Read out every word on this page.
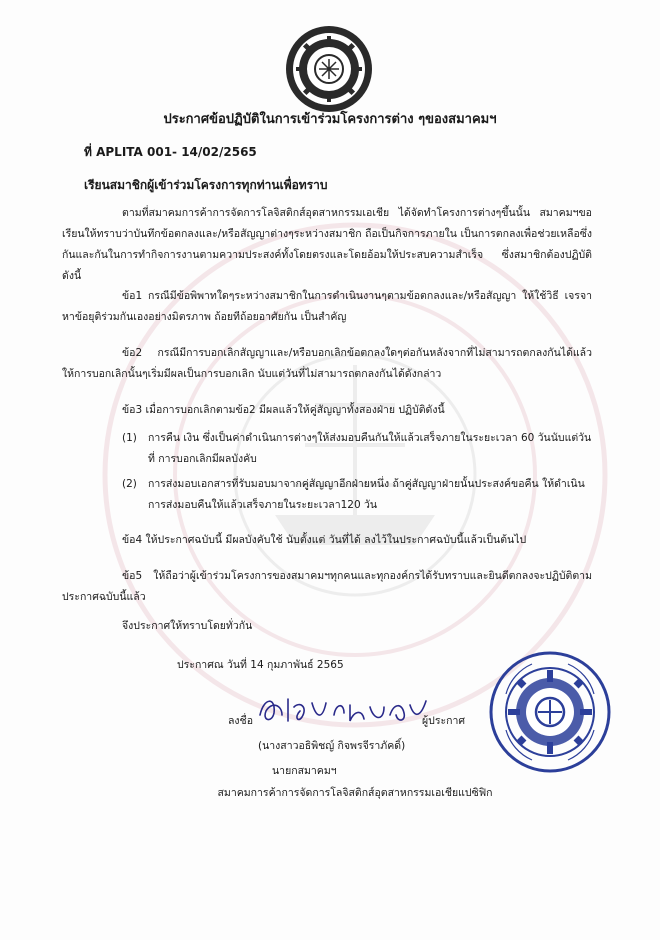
ประกาศข้อปฏิบัติในการเข้าร่วมโครงการต่าง ๆของสมาคมฯ
ที่ APLITA 001- 14/02/2565
เรียนสมาชิกผู้เข้าร่วมโครงการทุกท่านเพื่อทราบ
ตามที่สมาคมการค้าการจัดการโลจิสติกส์อุตสาหกรรมเอเชีย ได้จัดทำโครงการต่างๆขึ้นนั้น สมาคมฯขอเรียนให้ทราบว่าบันทึกข้อตกลงและ/หรือสัญญาต่างๆระหว่างสมาชิก ถือเป็นกิจการภายใน เป็นการตกลงเพื่อช่วยเหลือซึ่งกันและกันในการทำกิจการงานตามความประสงค์ทั้งโดยตรงและโดยอ้อมให้ประสบความสำเร็จ ซึ่งสมาชิกต้องปฏิบัติดังนี้
ข้อ1 กรณีมีข้อพิพาทใดๆระหว่างสมาชิกในการดำเนินงานๆตามข้อตกลงและ/หรือสัญญา ให้ใช้วิธี เจรจาหาข้อยุติร่วมกันเองอย่างมิตรภาพ ถ้อยทีถ้อยอาศัยกัน เป็นสำคัญ
ข้อ2 กรณีมีการบอกเลิกสัญญาและ/หรือบอกเลิกข้อตกลงใดๆต่อกันหลังจากที่ไม่สามารถตกลงกันได้แล้ว ให้การบอกเลิกนั้นๆเริ่มมีผลเป็นการบอกเลิก นับแต่วันที่ไม่สามารถตกลงกันได้ดังกล่าว
ข้อ3 เมื่อการบอกเลิกตามข้อ2 มีผลแล้วให้คู่สัญญาทั้งสองฝ่าย ปฏิบัติดังนี้
(1) การคืน เงิน ซึ่งเป็นค่าดำเนินการต่างๆให้ส่งมอบคืนกันให้แล้วเสร็จภายในระยะเวลา 60 วันนับแต่วันที่ การบอกเลิกมีผลบังคับ
(2) การส่งมอบเอกสารที่รับมอบมาจากคู่สัญญาอีกฝ่ายหนึ่ง ถ้าคู่สัญญาฝ่ายนั้นประสงค์ขอคืน ให้ดำเนินการส่งมอบคืนให้แล้วเสร็จภายในระยะเวลา120 วัน
ข้อ4 ให้ประกาศฉบับนี้ มีผลบังคับใช้ นับตั้งแต่ วันที่ได้ ลงไว้ในประกาศฉบับนี้แล้วเป็นต้นไป
ข้อ5 ให้ถือว่าผู้เข้าร่วมโครงการของสมาคมฯทุกคนและทุกองค์กรได้รับทราบและยินดีตกลงจะปฏิบัติตามประกาศฉบับนี้แล้ว
จึงประกาศให้ทราบโดยทั่วกัน
ประกาศณ วันที่ 14 กุมภาพันธ์ 2565
ลงชื่อ	ผู้ประกาศ
(นางสาวอธิพิชญ์ กิจพรจีราภัคดิ์)
นายกสมาคมฯ
สมาคมการค้าการจัดการโลจิสติกส์อุตสาหกรรมเอเชียแปซิฟิก
